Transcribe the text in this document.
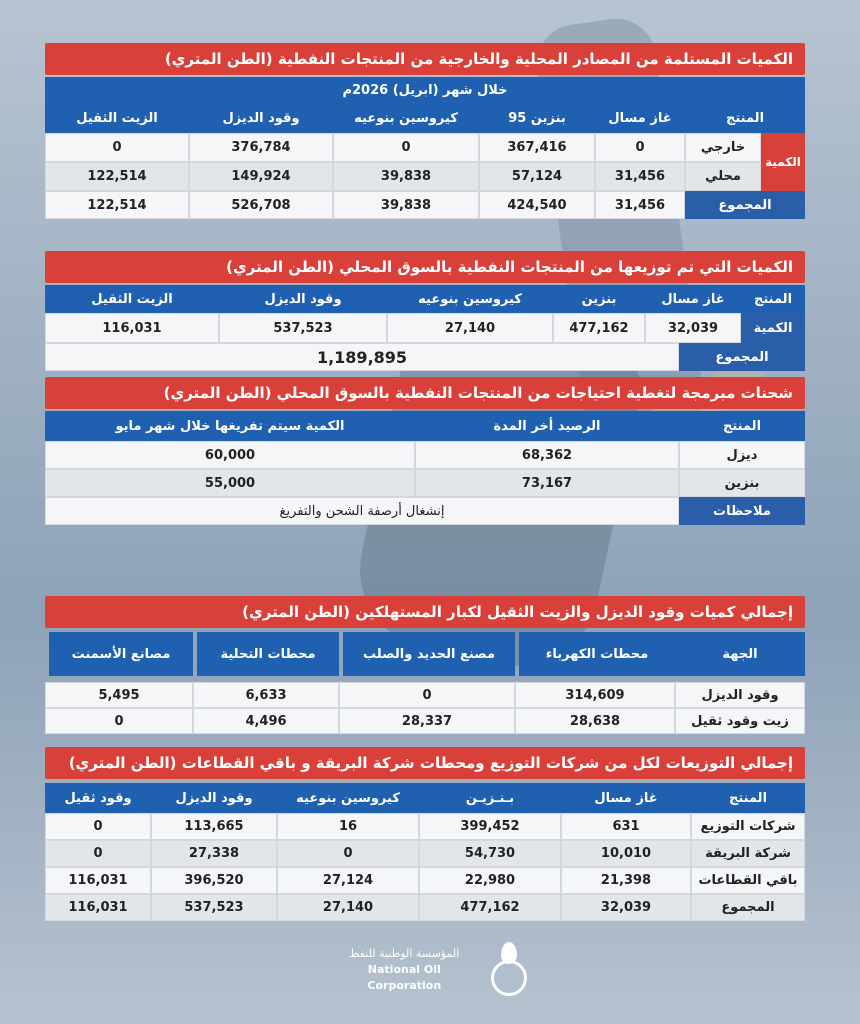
الكميات المستلمة من المصادر المحلية والخارجية من المنتجات النفطية (الطن المتري)
خلال شهر (ابريل) 2026م
المنتج
غاز مسال
بنزين 95
كيروسين بنوعيه
وقود الديزل
الزيت الثقيل
الكمية
خارجي
محلي
0
367,416
0
376,784
0
31,456
57,124
39,838
149,924
122,514
المجموع
31,456
424,540
39,838
526,708
122,514
الكميات التي تم توزيعها من المنتجات النفطية بالسوق المحلي (الطن المتري)
المنتج
غاز مسال
بنزين
كيروسين بنوعيه
وقود الديزل
الزيت الثقيل
الكمية
32,039
477,162
27,140
537,523
116,031
المجموع
1,189,895
شحنات مبرمجة لتغطية احتياجات من المنتجات النفطية بالسوق المحلي (الطن المتري)
المنتج
الرصيد أخر المدة
الكمية سيتم تفريغها خلال شهر مايو
ديزل
68,362
60,000
بنزين
73,167
55,000
ملاحظات
إنشغال أرصفة الشحن والتفريغ
إجمالي كميات وقود الديزل والزيت الثقيل لكبار المستهلكين (الطن المتري)
الجهة
محطات الكهرباء
مصنع الحديد والصلب
محطات التحلية
مصانع الأسمنت
وقود الديزل
314,609
0
6,633
5,495
زيت وقود ثقيل
28,638
28,337
4,496
0
إجمالي التوزيعات لكل من شركات التوزيع ومحطات شركة البريقة و باقي القطاعات (الطن المتري)
المنتج
غاز مسال
بـنـزيـن
كيروسين بنوعيه
وقود الديزل
وقود ثقيل
شركات التوزيع
631
399,452
16
113,665
0
شركة البريقة
10,010
54,730
0
27,338
0
باقي القطاعات
21,398
22,980
27,124
396,520
116,031
المجموع
32,039
477,162
27,140
537,523
116,031
المؤسسة الوطنية للنفط
National Oil Corporation
